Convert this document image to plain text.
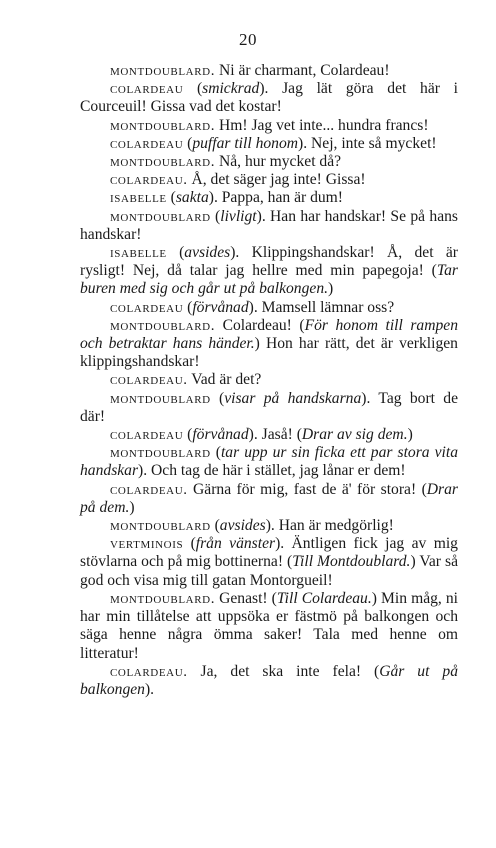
20

montdoublard. Ni är charmant, Colardeau!

colardeau (smickrad). Jag lät göra det här i Courceuil! Gissa vad det kostar!

montdoublard. Hm! Jag vet inte... hundra francs!

colardeau (puffar till honom). Nej, inte så mycket!

montdoublard. Nå, hur mycket då?

colardeau. Å, det säger jag inte! Gissa!

isabelle (sakta). Pappa, han är dum!

montdoublard (livligt). Han har handskar! Se på hans handskar!

isabelle (avsides). Klippingshandskar! Å, det är rysligt! Nej, då talar jag hellre med min papegoja! (Tar buren med sig och går ut på balkongen.)

colardeau (förvånad). Mamsell lämnar oss?

montdoublard. Colardeau! (För honom till rampen och betraktar hans händer.) Hon har rätt, det är verkligen klippingshandskar!

colardeau. Vad är det?

montdoublard (visar på handskarna). Tag bort de där!

colardeau (förvånad). Jaså! (Drar av sig dem.)

montdoublard (tar upp ur sin ficka ett par stora vita handskar). Och tag de här i stället, jag lånar er dem!

colardeau. Gärna för mig, fast de ä' för stora! (Drar på dem.)

montdoublard (avsides). Han är medgörlig!

vertminois (från vänster). Äntligen fick jag av mig stövlarna och på mig bottinerna! (Till Montdoublard.) Var så god och visa mig till gatan Montorgueil!

montdoublard. Genast! (Till Colardeau.) Min måg, ni har min tillåtelse att uppsöka er fästmö på balkongen och säga henne några ömma saker! Tala med henne om litteratur!

colardeau. Ja, det ska inte fela! (Går ut på balkongen).
